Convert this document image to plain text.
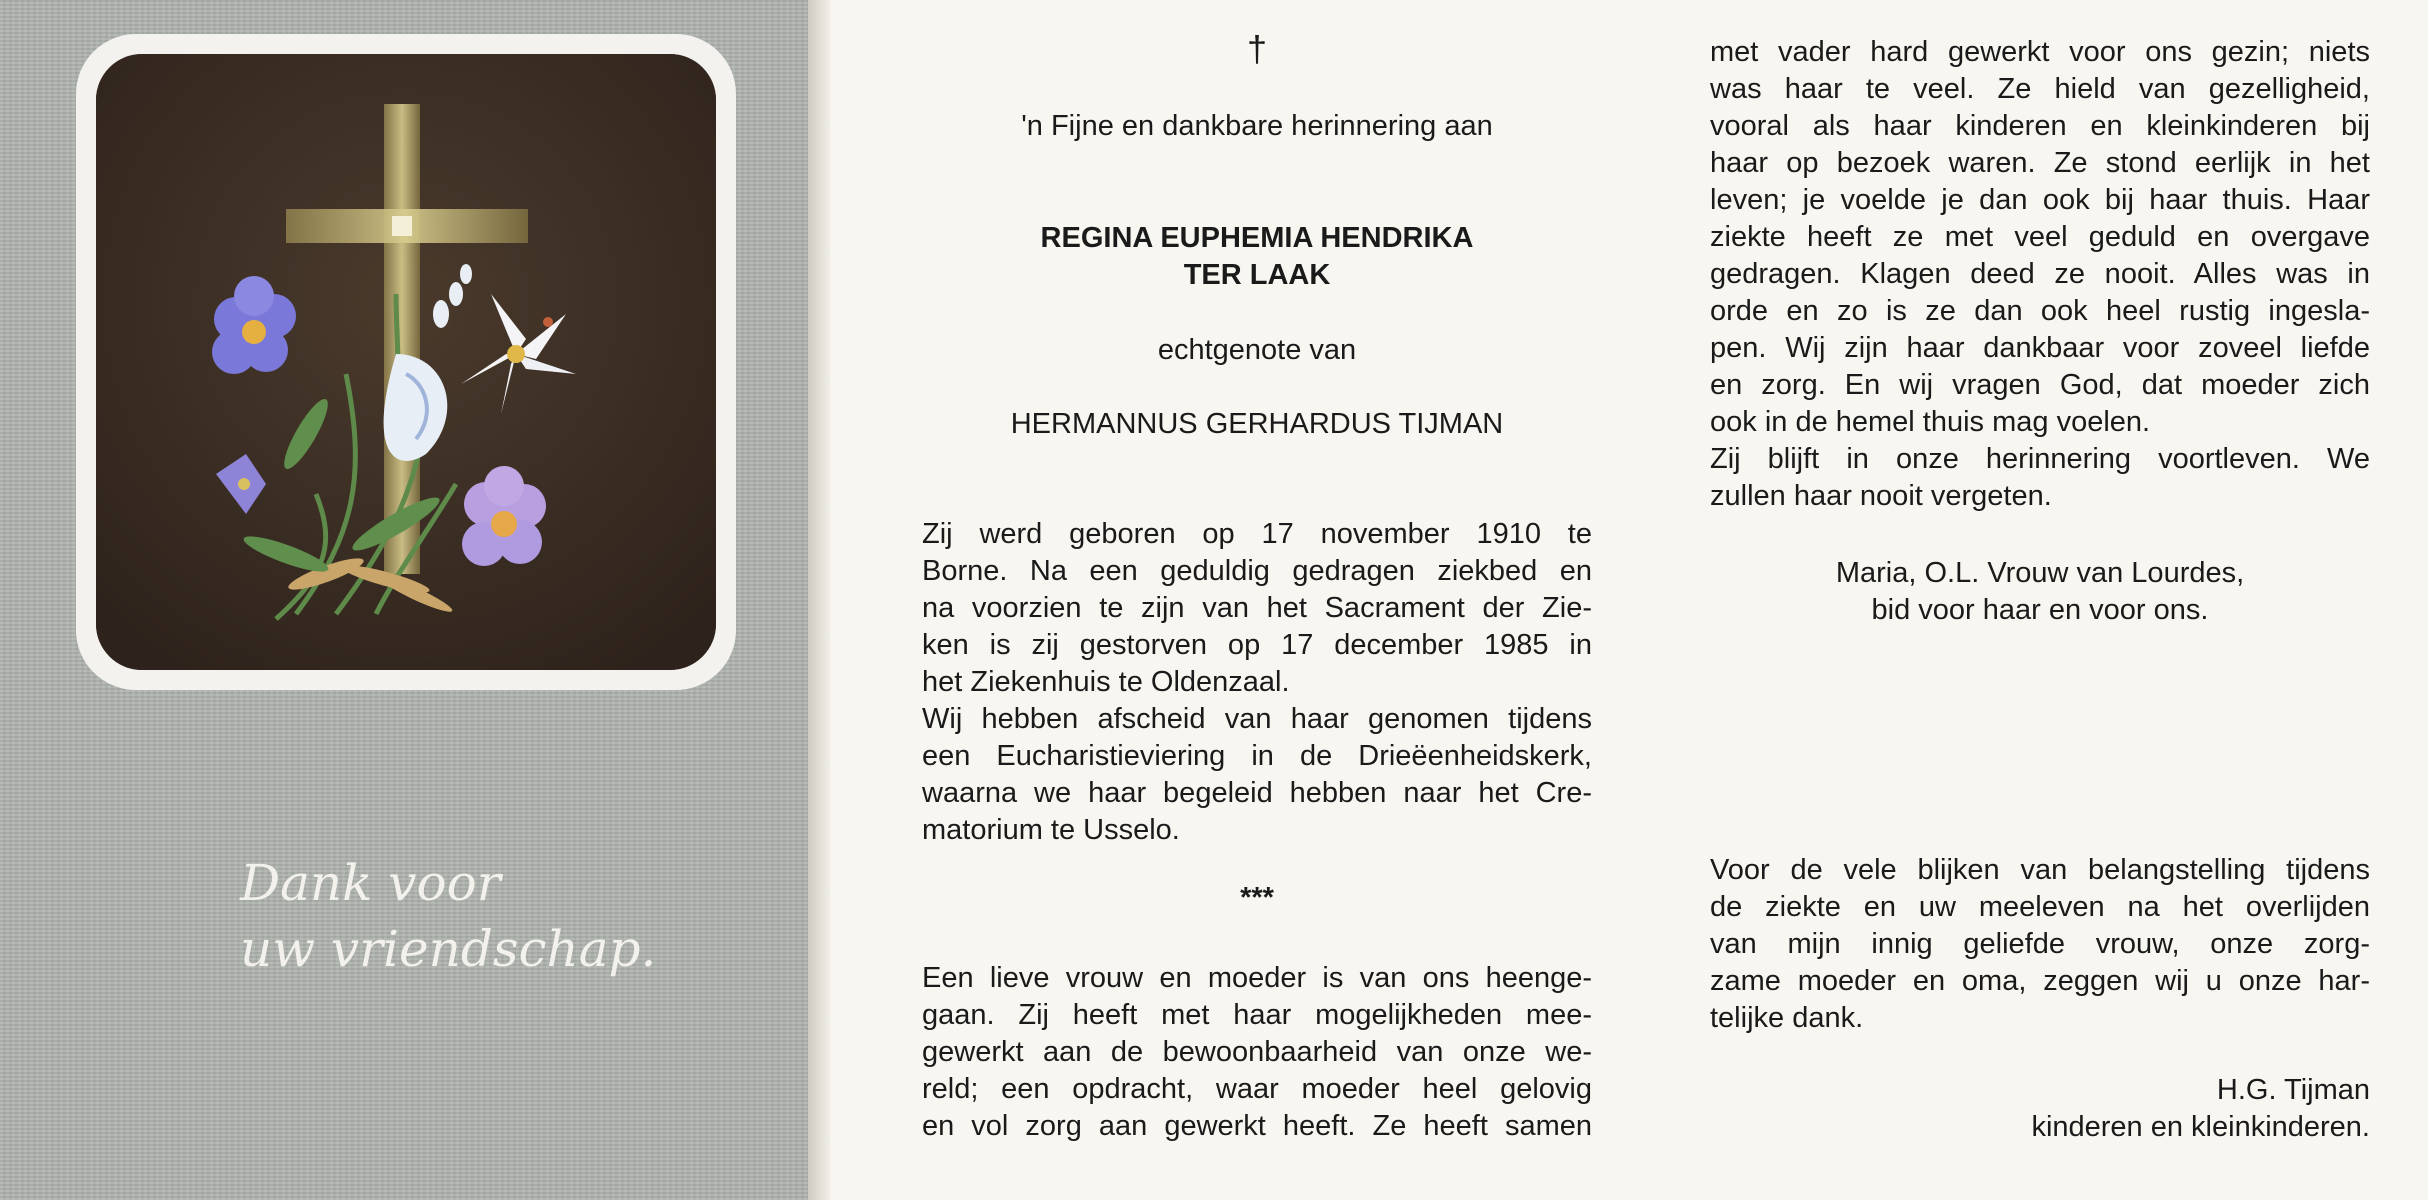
Dank voor
uw vriendschap.

†

'n Fijne en dankbare herinnering aan

REGINA EUPHEMIA HENDRIKA

TER LAAK

echtgenote van

HERMANNUS GERHARDUS TIJMAN

Zij werd geboren op 17 november 1910 te

Borne. Na een geduldig gedragen ziekbed en

na voorzien te zijn van het Sacrament der Zie-

ken is zij gestorven op 17 december 1985 in

het Ziekenhuis te Oldenzaal.

Wij hebben afscheid van haar genomen tijdens

een Eucharistieviering in de Drieëenheidskerk,

waarna we haar begeleid hebben naar het Cre-

matorium te Usselo.

***

Een lieve vrouw en moeder is van ons heenge-

gaan. Zij heeft met haar mogelijkheden mee-

gewerkt aan de bewoonbaarheid van onze we-

reld; een opdracht, waar moeder heel gelovig

en vol zorg aan gewerkt heeft. Ze heeft samen

met vader hard gewerkt voor ons gezin; niets

was haar te veel. Ze hield van gezelligheid,

vooral als haar kinderen en kleinkinderen bij

haar op bezoek waren. Ze stond eerlijk in het

leven; je voelde je dan ook bij haar thuis. Haar

ziekte heeft ze met veel geduld en overgave

gedragen. Klagen deed ze nooit. Alles was in

orde en zo is ze dan ook heel rustig ingesla-

pen. Wij zijn haar dankbaar voor zoveel liefde

en zorg. En wij vragen God, dat moeder zich

ook in de hemel thuis mag voelen.

Zij blijft in onze herinnering voortleven. We

zullen haar nooit vergeten.

Maria, O.L. Vrouw van Lourdes,

bid voor haar en voor ons.

Voor de vele blijken van belangstelling tijdens

de ziekte en uw meeleven na het overlijden

van mijn innig geliefde vrouw, onze zorg-

zame moeder en oma, zeggen wij u onze har-

telijke dank.

H.G. Tijman

kinderen en kleinkinderen.
